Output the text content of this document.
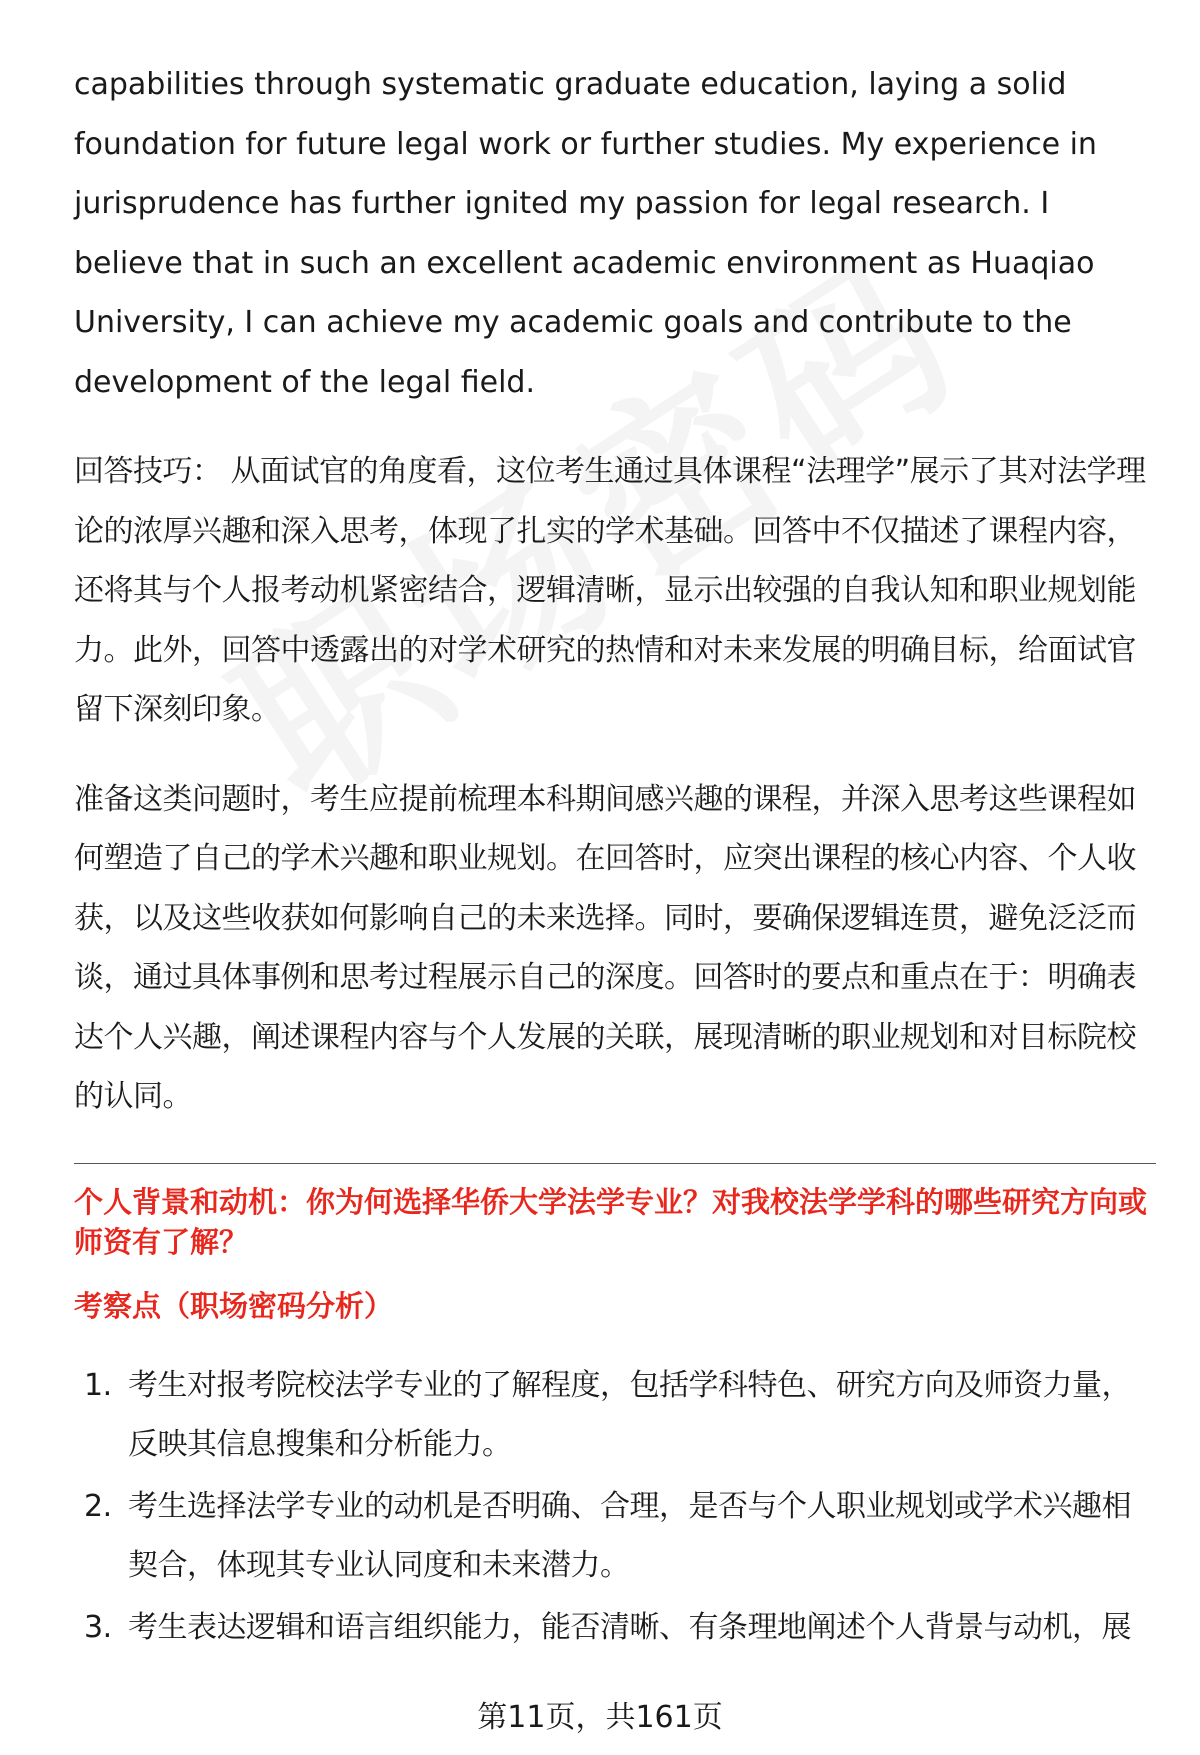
capabilities through systematic graduate education, laying a solid foundation for future legal work or further studies. My experience in jurisprudence has further ignited my passion for legal research. I believe that in such an excellent academic environment as Huaqiao University, I can achieve my academic goals and contribute to the development of the legal field.

回答技巧： 从面试官的角度看，这位考生通过具体课程“法理学”展示了其对法学理论的浓厚兴趣和深入思考，体现了扎实的学术基础。回答中不仅描述了课程内容，还将其与个人报考动机紧密结合，逻辑清晰，显示出较强的自我认知和职业规划能力。此外，回答中透露出的对学术研究的热情和对未来发展的明确目标，给面试官留下深刻印象。

准备这类问题时，考生应提前梳理本科期间感兴趣的课程，并深入思考这些课程如何塑造了自己的学术兴趣和职业规划。在回答时，应突出课程的核心内容、个人收获，以及这些收获如何影响自己的未来选择。同时，要确保逻辑连贯，避免泛泛而谈，通过具体事例和思考过程展示自己的深度。回答时的要点和重点在于：明确表达个人兴趣，阐述课程内容与个人发展的关联，展现清晰的职业规划和对目标院校的认同。

个人背景和动机：你为何选择华侨大学法学专业？对我校法学学科的哪些研究方向或师资有了解？
考察点（职场密码分析）
1. 考生对报考院校法学专业的了解程度，包括学科特色、研究方向及师资力量，反映其信息搜集和分析能力。
2. 考生选择法学专业的动机是否明确、合理，是否与个人职业规划或学术兴趣相契合，体现其专业认同度和未来潜力。
3. 考生表达逻辑和语言组织能力，能否清晰、有条理地阐述个人背景与动机，展
第11页，共161页
